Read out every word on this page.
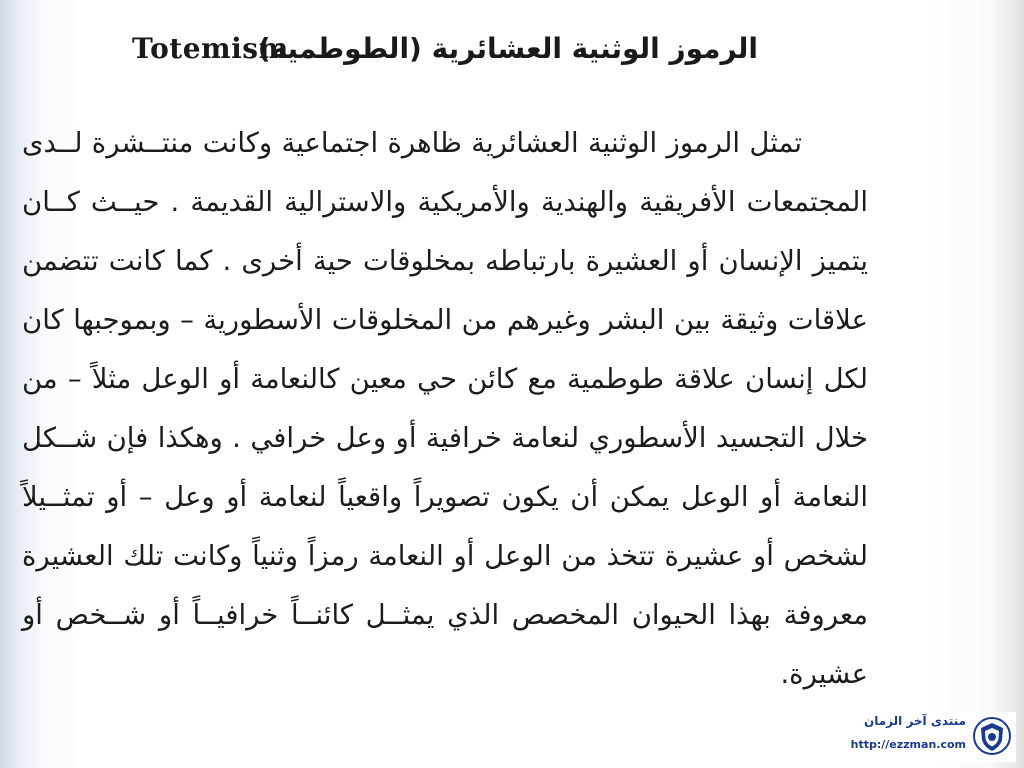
Totemism
الرموز الوثنية العشائرية (الطوطمية)
تمثل الرموز الوثنية العشائرية ظاهرة اجتماعية وكانت منتــشرة لــدى
المجتمعات الأفريقية والهندية والأمريكية والاسترالية القديمة . حيــث كــان
يتميز الإنسان أو العشيرة بارتباطه بمخلوقات حية أخرى . كما كانت تتضمن
علاقات وثيقة بين البشر وغيرهم من المخلوقات الأسطورية – وبموجبها كان
لكل إنسان علاقة طوطمية مع كائن حي معين كالنعامة أو الوعل مثلاً – من
خلال التجسيد الأسطوري لنعامة خرافية أو وعل خرافي . وهكذا فإن شــكل
النعامة أو الوعل يمكن أن يكون تصويراً واقعياً لنعامة أو وعل – أو تمثــيلاً
لشخص أو عشيرة تتخذ من الوعل أو النعامة رمزاً وثنياً وكانت تلك العشيرة
معروفة بهذا الحيوان المخصص الذي يمثــل كائنــاً خرافيــاً أو شــخص أو
عشيرة.
منتدى آخر الزمان
http://ezzman.com
